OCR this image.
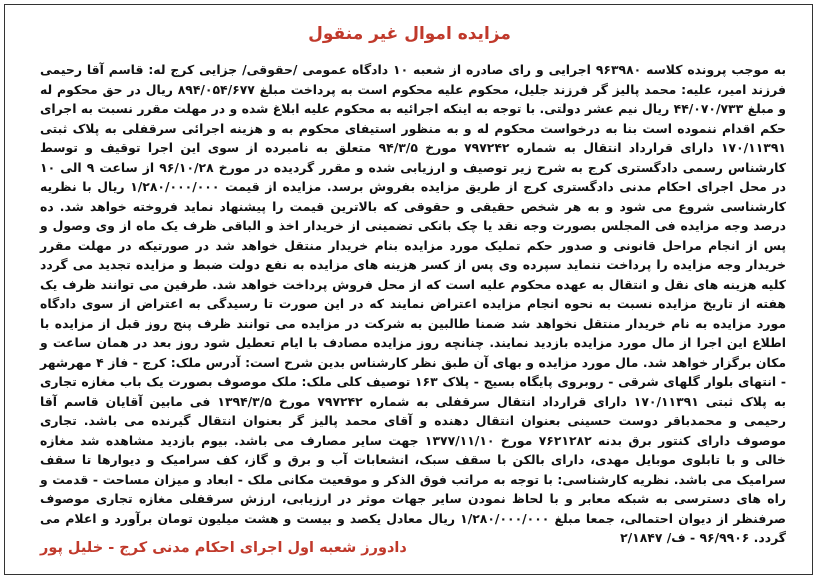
مزایده اموال غیر منقول
به موجب پرونده کلاسه ۹۶۳۹۸۰ اجرایی و رای صادره از شعبه ۱۰ دادگاه عمومی /حقوقی/ جزایی کرج له: قاسم آقا رحیمی فرزند امیر، علیه: محمد پالیز گر فرزند جلیل، محکوم علیه محکوم است به پرداخت مبلغ ۸۹۴/۰۵۴/۶۷۷ ریال در حق محکوم له و مبلغ ۴۴/۰۷۰/۷۳۳ ریال نیم عشر دولتی. با توجه به اینکه اجرائیه به محکوم علیه ابلاغ شده و در مهلت مقرر نسبت به اجرای حکم اقدام ننموده است بنا به درخواست محکوم له و به منظور استیفای محکوم به و هزینه اجرائی سرقفلی به پلاک ثبتی ۱۷۰/۱۱۳۹۱ دارای قرارداد انتقال به شماره ۷۹۷۲۴۲ مورخ ۹۴/۳/۵ متعلق به نامبرده از سوی این اجرا توقیف و توسط کارشناس رسمی دادگستری کرج به شرح زیر توصیف و ارزیابی شده و مقرر گردیده در مورخ ۹۶/۱۰/۲۸ از ساعت ۹ الی ۱۰ در محل اجرای احکام مدنی دادگستری کرج از طریق مزایده بفروش برسد. مزایده از قیمت ۱/۲۸۰/۰۰۰/۰۰۰ ریال با نظریه کارشناسی شروع می شود و به هر شخص حقیقی و حقوقی که بالاترین قیمت را پیشنهاد نماید فروخته خواهد شد. ده درصد وجه مزایده فی المجلس بصورت وجه نقد یا چک بانکی تضمینی از خریدار اخذ و الباقی ظرف یک ماه از وی وصول و پس از انجام مراحل قانونی و صدور حکم تملیک مورد مزایده بنام خریدار منتقل خواهد شد در صورتیکه در مهلت مقرر خریدار وجه مزایده را پرداخت ننماید سپرده وی پس از کسر هزینه های مزایده به نفع دولت ضبط و مزایده تجدید می گردد کلیه هزینه های نقل و انتقال به عهده محکوم علیه است که از محل فروش پرداخت خواهد شد. طرفین می توانند ظرف یک هفته از تاریخ مزایده نسبت به نحوه انجام مزایده اعتراض نمایند که در این صورت تا رسیدگی به اعتراض از سوی دادگاه مورد مزایده به نام خریدار منتقل نخواهد شد ضمنا طالبین به شرکت در مزایده می توانند ظرف پنج روز قبل از مزایده با اطلاع این اجرا از مال مورد مزایده بازدید نمایند. چنانچه روز مزایده مصادف با ایام تعطیل شود روز بعد در همان ساعت و مکان برگزار خواهد شد. مال مورد مزایده و بهای آن طبق نظر کارشناس بدین شرح است: آدرس ملک: کرج - فاز ۴ مهرشهر - انتهای بلوار گلهای شرقی - روبروی پایگاه بسیج - پلاک ۱۶۳ توصیف کلی ملک: ملک موصوف بصورت یک باب مغازه تجاری به پلاک ثبتی ۱۷۰/۱۱۳۹۱ دارای قرارداد انتقال سرقفلی به شماره ۷۹۷۲۴۲ مورخ ۱۳۹۴/۳/۵ فی مابین آقایان قاسم آقا رحیمی و محمدباقر دوست حسینی بعنوان انتقال دهنده و آقای محمد پالیز گر بعنوان انتقال گیرنده می باشد. تجاری موصوف دارای کنتور برق بدنه ۷۶۲۱۲۸۲ مورخ ۱۳۷۷/۱۱/۱۰ جهت سایر مصارف می باشد. بیوم بازدید مشاهده شد مغازه خالی و با تابلوی موبایل مهدی، دارای بالکن با سقف سبک، انشعابات آب و برق و گاز، کف سرامیک و دیوارها تا سقف سرامیک می باشد. نظریه کارشناسی: با توجه به مراتب فوق الذکر و موقعیت مکانی ملک - ابعاد و میزان مساحت - قدمت و راه های دسترسی به شبکه معابر و با لحاظ نمودن سایر جهات موثر در ارزیابی، ارزش سرقفلی مغازه تجاری موصوف صرفنظر از دیوان احتمالی، جمعا مبلغ ۱/۲۸۰/۰۰۰/۰۰۰ ریال معادل یکصد و بیست و هشت میلیون تومان برآورد و اعلام می گردد. ۹۶/۹۹۰۶ - ف/ ۲/۱۸۴۷
دادورز شعبه اول اجرای احکام مدنی کرج - خلیل پور
